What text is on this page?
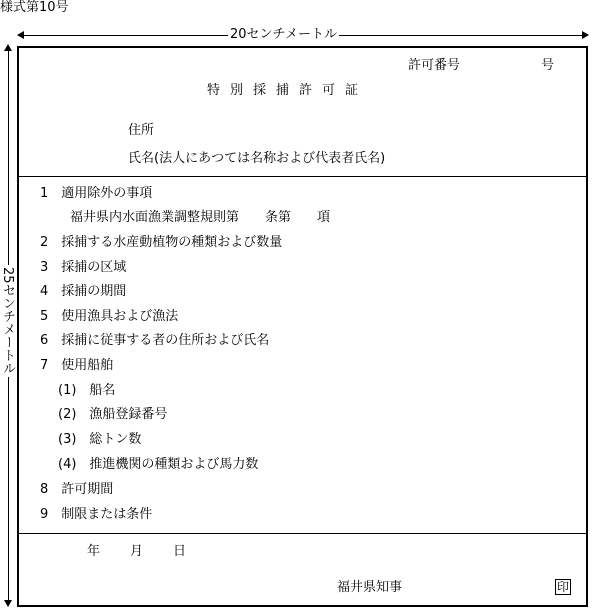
様式第10号
20センチメートル
25センチメートル
許可番号	号
特別採捕許可証
住所
氏名(法人にあつては名称および代表者氏名)
1　適用除外の事項
福井県内水面漁業調整規則第　　条第　　項
2　採捕する水産動植物の種類および数量
3　採捕の区域
4　採捕の期間
5　使用漁具および漁法
6　採捕に従事する者の住所および氏名
7　使用船舶
(1)　船名
(2)　漁船登録番号
(3)　総トン数
(4)　推進機関の種類および馬力数
8　許可期間
9　制限または条件
年 月 日
福井県知事	印
